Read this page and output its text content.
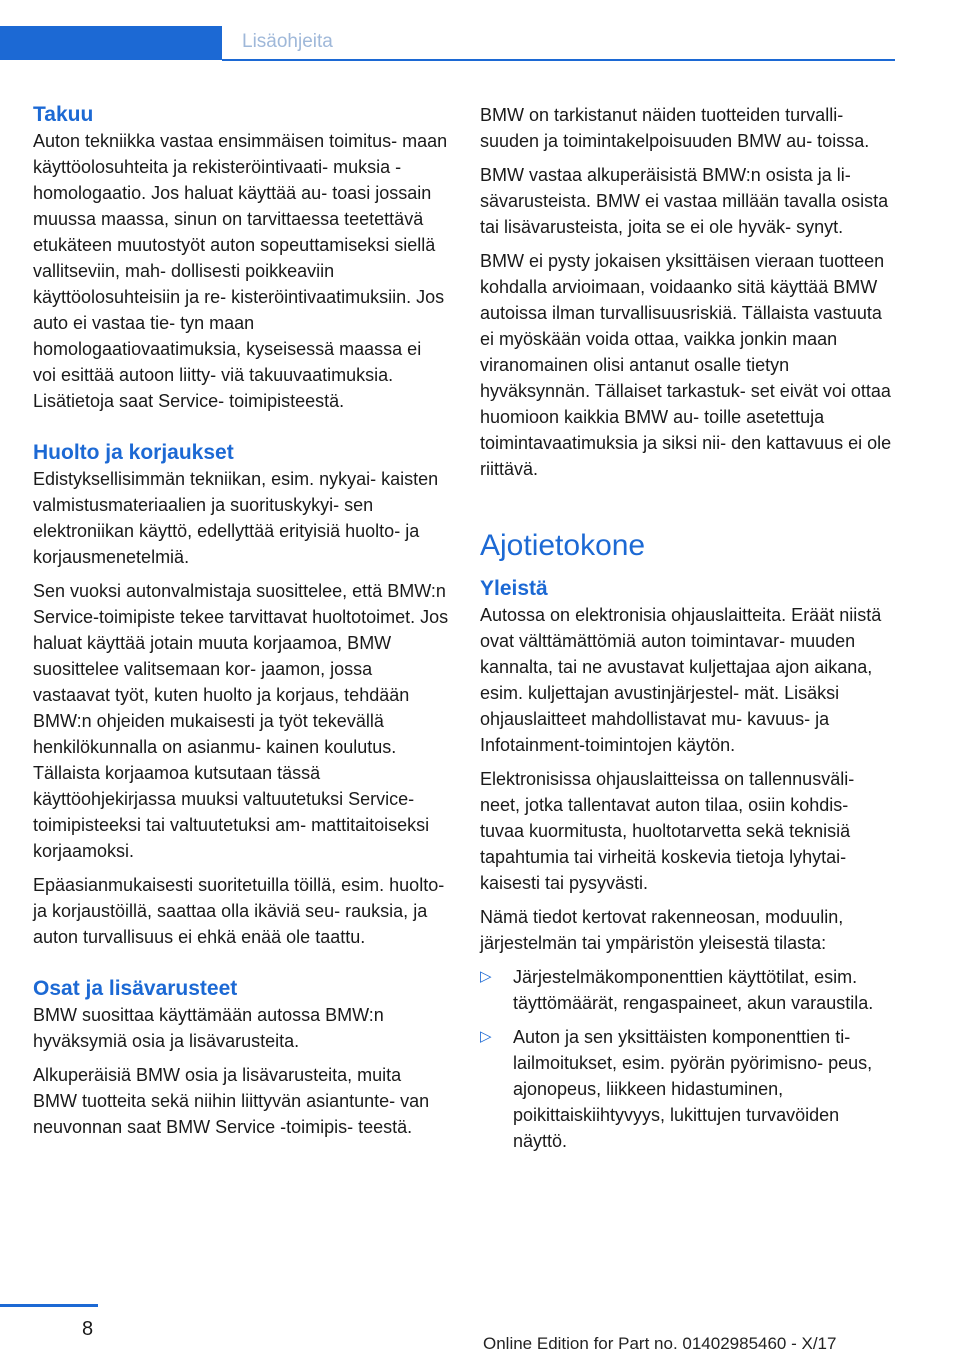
Lisäohjeita
Takuu

Auton tekniikka vastaa ensimmäisen toimitus‐ maan käyttöolosuhteita ja rekisteröintivaati‐ muksia ‐ homologaatio. Jos haluat käyttää au‐ toasi jossain muussa maassa, sinun on tarvittaessa teetettävä etukäteen muutostyöt auton sopeuttamiseksi siellä vallitseviin, mah‐ dollisesti poikkeaviin käyttöolosuhteisiin ja re‐ kisteröintivaatimuksiin. Jos auto ei vastaa tie‐ tyn maan homologaatiovaatimuksia, kyseisessä maassa ei voi esittää autoon liitty‐ viä takuuvaatimuksia. Lisätietoja saat Service‐ toimipisteestä.

Huolto ja korjaukset

Edistyksellisimmän tekniikan, esim. nykyai‐ kaisten valmistusmateriaalien ja suorituskykyi‐ sen elektroniikan käyttö, edellyttää erityisiä huolto‐ ja korjausmenetelmiä.

Sen vuoksi autonvalmistaja suosittelee, että BMW:n Service‐toimipiste tekee tarvittavat huoltotoimet. Jos haluat käyttää jotain muuta korjaamoa, BMW suosittelee valitsemaan kor‐ jaamon, jossa vastaavat työt, kuten huolto ja korjaus, tehdään BMW:n ohjeiden mukaisesti ja työt tekevällä henkilökunnalla on asianmu‐ kainen koulutus. Tällaista korjaamoa kutsutaan tässä käyttöohjekirjassa muuksi valtuutetuksi Service‐toimipisteeksi tai valtuutetuksi am‐ mattitaitoiseksi korjaamoksi.

Epäasianmukaisesti suoritetuilla töillä, esim. huolto‐ ja korjaustöillä, saattaa olla ikäviä seu‐ rauksia, ja auton turvallisuus ei ehkä enää ole taattu.

Osat ja lisävarusteet

BMW suosittaa käyttämään autossa BMW:n hyväksymiä osia ja lisävarusteita.

Alkuperäisiä BMW osia ja lisävarusteita, muita BMW tuotteita sekä niihin liittyvän asiantunte‐ van neuvonnan saat BMW Service ‐toimipis‐ teestä.

BMW on tarkistanut näiden tuotteiden turvalli‐ suuden ja toimintakelpoisuuden BMW au‐ toissa.

BMW vastaa alkuperäisistä BMW:n osista ja li‐ sävarusteista. BMW ei vastaa millään tavalla osista tai lisävarusteista, joita se ei ole hyväk‐ synyt.

BMW ei pysty jokaisen yksittäisen vieraan tuotteen kohdalla arvioimaan, voidaanko sitä käyttää BMW autoissa ilman turvallisuusriskiä. Tällaista vastuuta ei myöskään voida ottaa, vaikka jonkin maan viranomainen olisi antanut osalle tietyn hyväksynnän. Tällaiset tarkastuk‐ set eivät voi ottaa huomioon kaikkia BMW au‐ toille asetettuja toimintavaatimuksia ja siksi nii‐ den kattavuus ei ole riittävä.

Ajotietokone
Yleistä

Autossa on elektronisia ohjauslaitteita. Eräät niistä ovat välttämättömiä auton toimintavar‐ muuden kannalta, tai ne avustavat kuljettajaa ajon aikana, esim. kuljettajan avustinjärjestel‐ mät. Lisäksi ohjauslaitteet mahdollistavat mu‐ kavuus‐ ja Infotainment‐toimintojen käytön.

Elektronisissa ohjauslaitteissa on tallennusväli‐ neet, jotka tallentavat auton tilaa, osiin kohdis‐ tuvaa kuormitusta, huoltotarvetta sekä teknisiä tapahtumia tai virheitä koskevia tietoja lyhytai‐ kaisesti tai pysyvästi.

Nämä tiedot kertovat rakenneosan, moduulin, järjestelmän tai ympäristön yleisestä tilasta:

▷ Järjestelmäkomponenttien käyttötilat, esim. täyttömäärät, rengaspaineet, akun varaustila.
▷ Auton ja sen yksittäisten komponenttien ti‐ lailmoitukset, esim. pyörän pyörimisno‐ peus, ajonopeus, liikkeen hidastuminen, poikittaiskiihtyvyys, lukittujen turvavöiden näyttö.
8
Online Edition for Part no. 01402985460 - X/17
